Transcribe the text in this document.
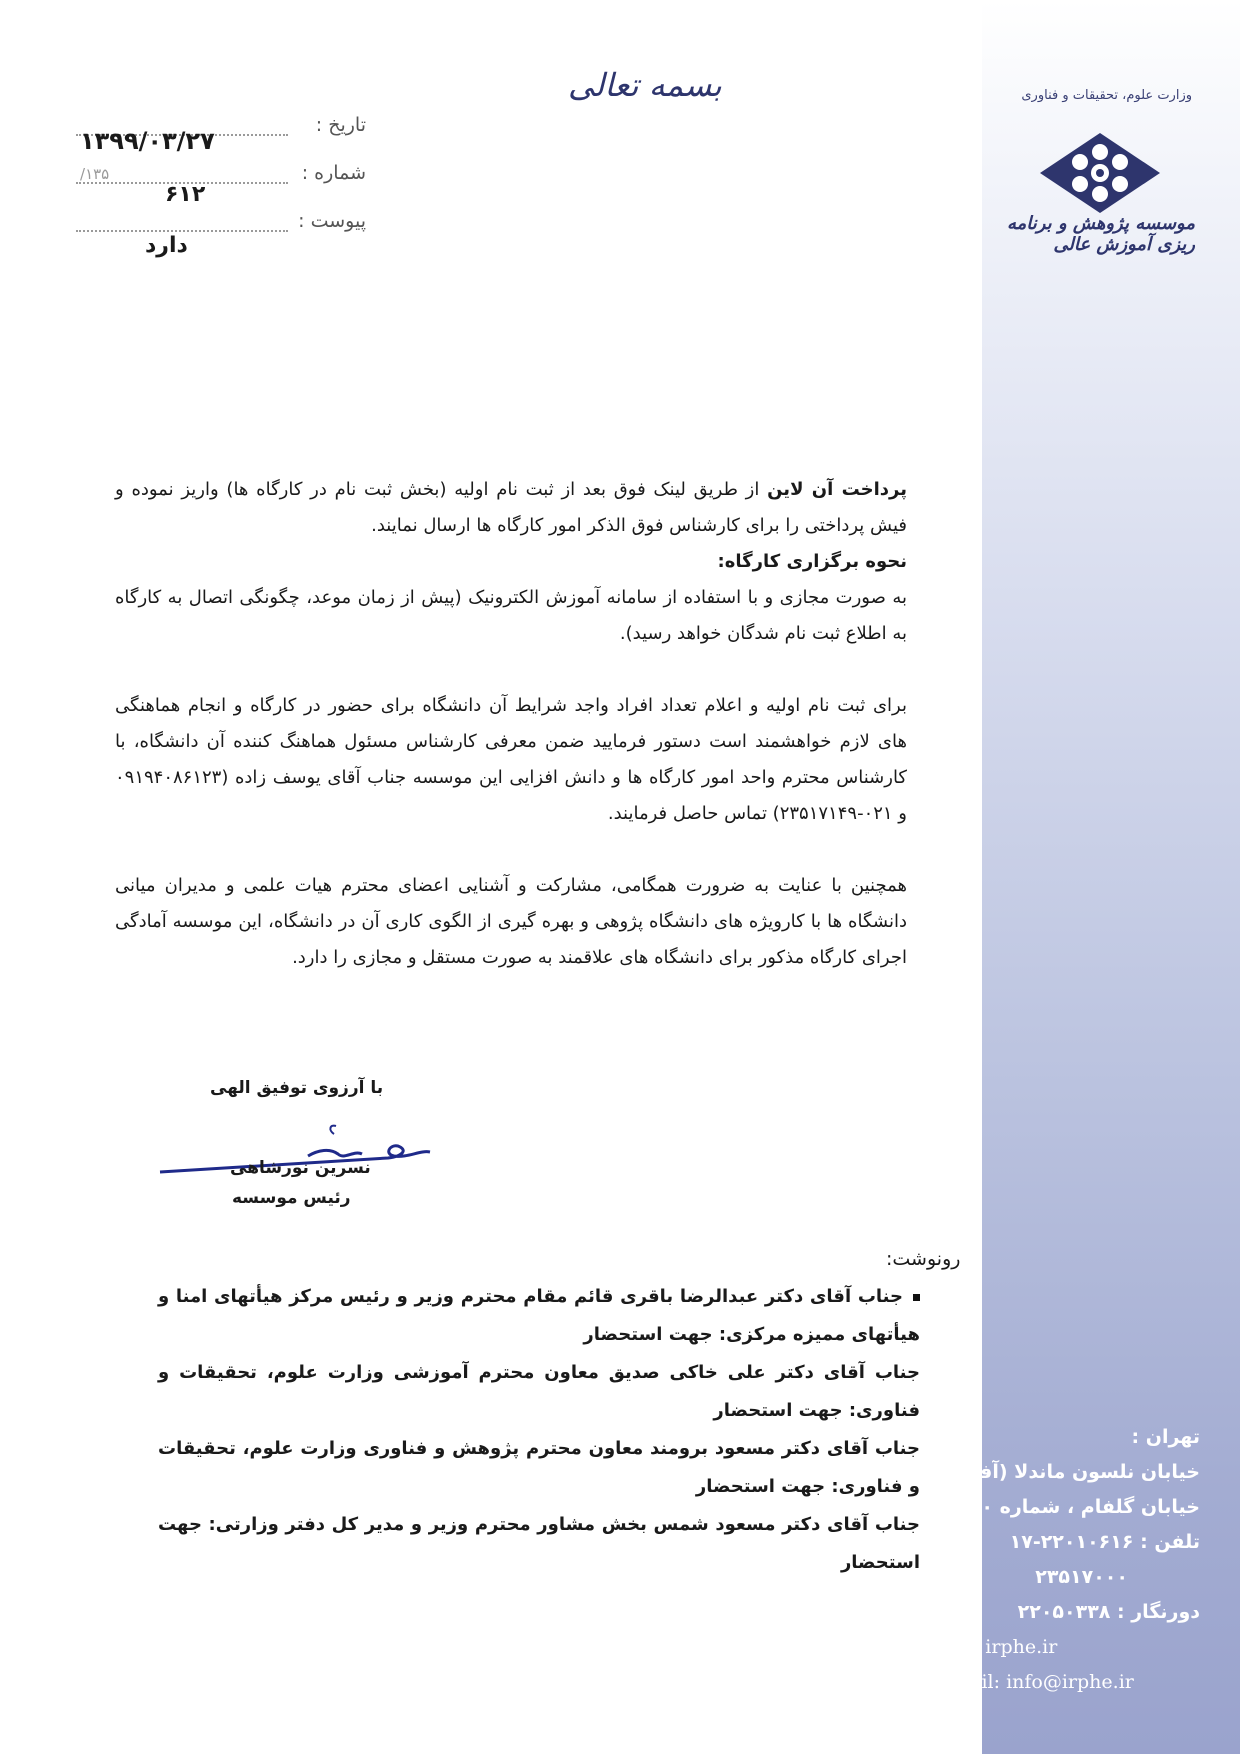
وزارت علوم، تحقیقات و فناوری
موسسه پژوهش و برنامه ریزی آموزش عالی
تهران :
خیابان نلسون ماندلا (آفریقا)
خیابان گلفام ، شماره ۷۰
تلفن : ۲۲۰۱۰۶۱۶-۱۷
۲۳۵۱۷۰۰۰
دورنگار : ۲۲۰۵۰۳۳۸
Web: irphe.ir
E-mail: info@irphe.ir
بسمه تعالی
تاریخ :
شماره :
پیوست :
۱۳۹۹/۰۳/۲۷
۱۳۵/
۶۱۲
دارد

پرداخت آن لاین از طریق لینک فوق بعد از ثبت نام اولیه (بخش ثبت نام در کارگاه ها) واریز نموده و فیش پرداختی را برای کارشناس فوق الذکر امور کارگاه ها ارسال نمایند.

نحوه برگزاری کارگاه:

به صورت مجازی و با استفاده از سامانه آموزش الکترونیک (پیش از زمان موعد، چگونگی اتصال به کارگاه به اطلاع ثبت نام شدگان خواهد رسید).

برای ثبت نام اولیه و اعلام تعداد افراد واجد شرایط آن دانشگاه برای حضور در کارگاه و انجام هماهنگی های لازم خواهشمند است دستور فرمایید ضمن معرفی کارشناس مسئول هماهنگ کننده آن دانشگاه، با کارشناس محترم واحد امور کارگاه ها و دانش افزایی این موسسه جناب آقای یوسف زاده (۰۹۱۹۴۰۸۶۱۲۳ و ۰۲۱-۲۳۵۱۷۱۴۹) تماس حاصل فرمایند.

همچنین با عنایت به ضرورت همگامی، مشارکت و آشنایی اعضای محترم هیات علمی و مدیران میانی دانشگاه ها با کارویژه های دانشگاه پژوهی و بهره گیری از الگوی کاری آن در دانشگاه، این موسسه آمادگی اجرای کارگاه مذکور برای دانشگاه های علاقمند به صورت مستقل و مجازی را دارد.

با آرزوی توفیق الهی
نسرین نورشاهی
رئیس موسسه
رونوشت:

جناب آقای دکتر عبدالرضا باقری قائم مقام محترم وزیر و رئیس مرکز هیأتهای امنا و هیأتهای ممیزه مرکزی: جهت استحضار

جناب آقای دکتر علی خاکی صدیق معاون محترم آموزشی وزارت علوم، تحقیقات و فناوری: جهت استحضار

جناب آقای دکتر مسعود برومند معاون محترم پژوهش و فناوری وزارت علوم، تحقیقات و فناوری: جهت استحضار

جناب آقای دکتر مسعود شمس بخش مشاور محترم وزیر و مدیر کل دفتر وزارتی: جهت استحضار
